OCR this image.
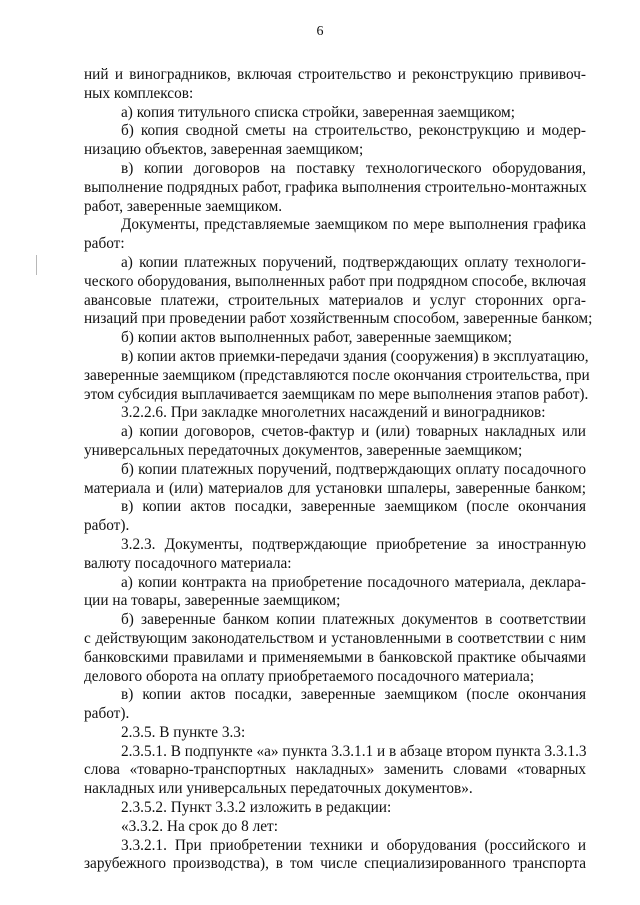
6
ний и виноградников, включая строительство и реконструкцию прививоч-
ных комплексов:
а) копия титульного списка стройки, заверенная заемщиком;
б) копия сводной сметы на строительство, реконструкцию и модер-
низацию объектов, заверенная заемщиком;
в) копии договоров на поставку технологического оборудования,
выполнение подрядных работ, графика выполнения строительно-монтажных
работ, заверенные заемщиком.
Документы, представляемые заемщиком по мере выполнения графика
работ:
а) копии платежных поручений, подтверждающих оплату технологи-
ческого оборудования, выполненных работ при подрядном способе, включая
авансовые платежи, строительных материалов и услуг сторонних орга-
низаций при проведении работ хозяйственным способом, заверенные банком;
б) копии актов выполненных работ, заверенные заемщиком;
в) копии актов приемки-передачи здания (сооружения) в эксплуатацию,
заверенные заемщиком (представляются после окончания строительства, при
этом субсидия выплачивается заемщикам по мере выполнения этапов работ).
3.2.2.6. При закладке многолетних насаждений и виноградников:
а) копии договоров, счетов-фактур и (или) товарных накладных или
универсальных передаточных документов, заверенные заемщиком;
б) копии платежных поручений, подтверждающих оплату посадочного
материала и (или) материалов для установки шпалеры, заверенные банком;
в) копии актов посадки, заверенные заемщиком (после окончания
работ).
3.2.3. Документы, подтверждающие приобретение за иностранную
валюту посадочного материала:
а) копии контракта на приобретение посадочного материала, деклара-
ции на товары, заверенные заемщиком;
б) заверенные банком копии платежных документов в соответствии
с действующим законодательством и установленными в соответствии с ним
банковскими правилами и применяемыми в банковской практике обычаями
делового оборота на оплату приобретаемого посадочного материала;
в) копии актов посадки, заверенные заемщиком (после окончания
работ).
2.3.5. В пункте 3.3:
2.3.5.1. В подпункте «а» пункта 3.3.1.1 и в абзаце втором пункта 3.3.1.3
слова «товарно-транспортных накладных» заменить словами «товарных
накладных или универсальных передаточных документов».
2.3.5.2. Пункт 3.3.2 изложить в редакции:
«3.3.2. На срок до 8 лет:
3.3.2.1. При приобретении техники и оборудования (российского и
зарубежного производства), в том числе специализированного транспорта
